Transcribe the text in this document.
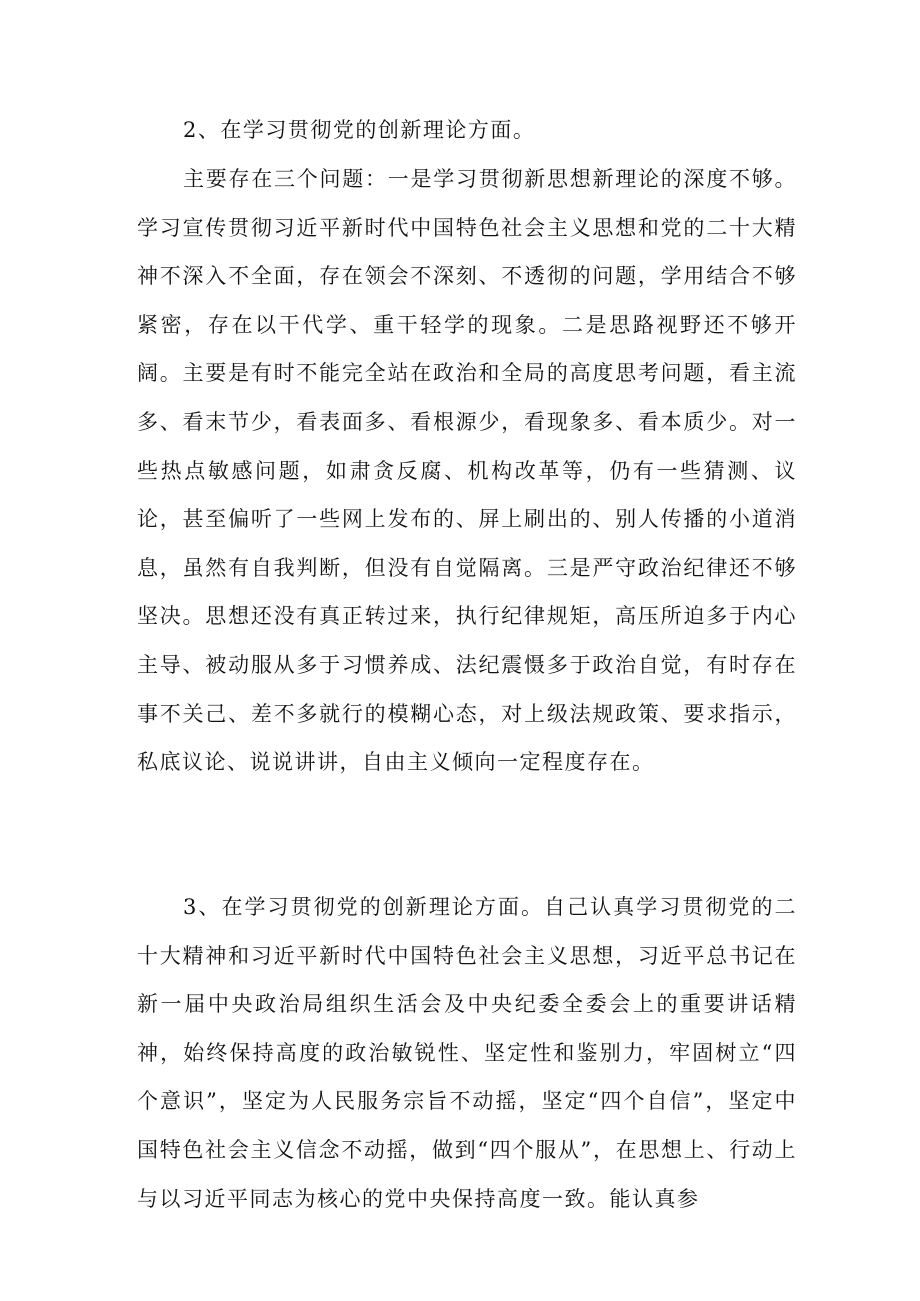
2、在学习贯彻党的创新理论方面。

主要存在三个问题：一是学习贯彻新思想新理论的深度不够。学习宣传贯彻习近平新时代中国特色社会主义思想和党的二十大精神不深入不全面，存在领会不深刻、不透彻的问题，学用结合不够紧密，存在以干代学、重干轻学的现象。二是思路视野还不够开阔。主要是有时不能完全站在政治和全局的高度思考问题，看主流多、看末节少，看表面多、看根源少，看现象多、看本质少。对一些热点敏感问题，如肃贪反腐、机构改革等，仍有一些猜测、议论，甚至偏听了一些网上发布的、屏上刷出的、别人传播的小道消息，虽然有自我判断，但没有自觉隔离。三是严守政治纪律还不够坚决。思想还没有真正转过来，执行纪律规矩，高压所迫多于内心主导、被动服从多于习惯养成、法纪震慑多于政治自觉，有时存在事不关己、差不多就行的模糊心态，对上级法规政策、要求指示，私底议论、说说讲讲，自由主义倾向一定程度存在。

3、在学习贯彻党的创新理论方面。自己认真学习贯彻党的二十大精神和习近平新时代中国特色社会主义思想，习近平总书记在新一届中央政治局组织生活会及中央纪委全委会上的重要讲话精神，始终保持高度的政治敏锐性、坚定性和鉴别力，牢固树立“四个意识”，坚定为人民服务宗旨不动摇，坚定“四个自信”，坚定中国特色社会主义信念不动摇，做到“四个服从”，在思想上、行动上与以习近平同志为核心的党中央保持高度一致。能认真参
